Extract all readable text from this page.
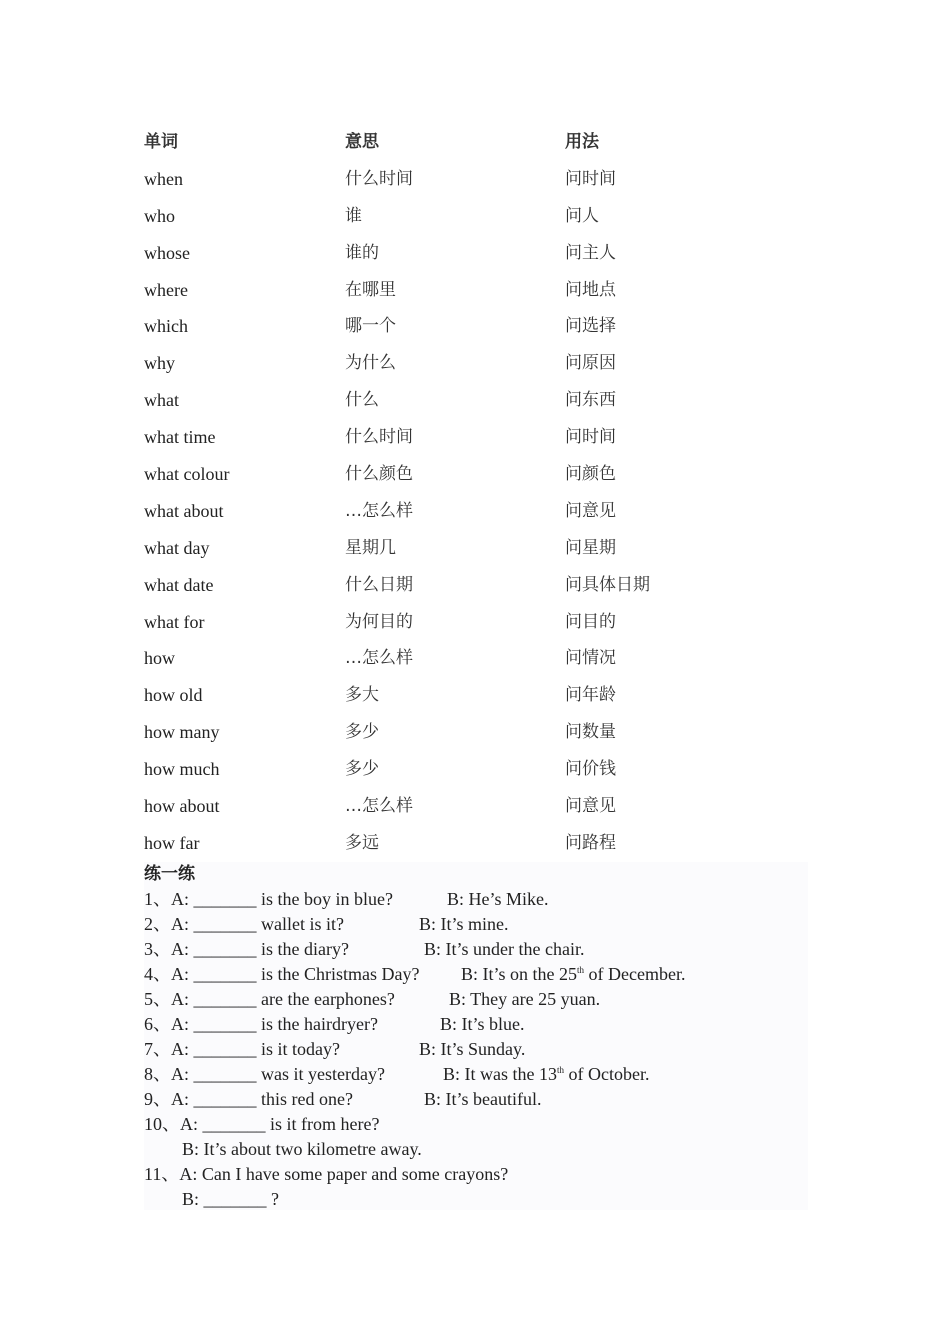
单词	意思	用法
when	什么时间	问时间
who	谁	问人
whose	谁的	问主人
where	在哪里	问地点
which	哪一个	问选择
why	为什么	问原因
what	什么	问东西
what time	什么时间	问时间
what colour	什么颜色	问颜色
what about	…怎么样	问意见
what day	星期几	问星期
what date	什么日期	问具体日期
what for	为何目的	问目的
how	…怎么样	问情况
how old	多大	问年龄
how many	多少	问数量
how much	多少	问价钱
how about	…怎么样	问意见
how far	多远	问路程
练一练
1、A: _______ is the boy in blue?	B: He’s Mike.
2、A: _______ wallet is it?	B: It’s mine.
3、A: _______ is the diary?	B: It’s under the chair.
4、A: _______ is the Christmas Day? B: It’s on the 25th of December.
5、A: _______ are the earphones?	B: They are 25 yuan.
6、A: _______ is the hairdryer?	B: It’s blue.
7、A: _______ is it today?	B: It’s Sunday.
8、A: _______ was it yesterday?	B: It was the 13th of October.
9、A: _______ this red one?	B: It’s beautiful.
10、A: _______ is it from here?
B: It’s about two kilometre away.
11、A: Can I have some paper and some crayons?
B: _______ ?
